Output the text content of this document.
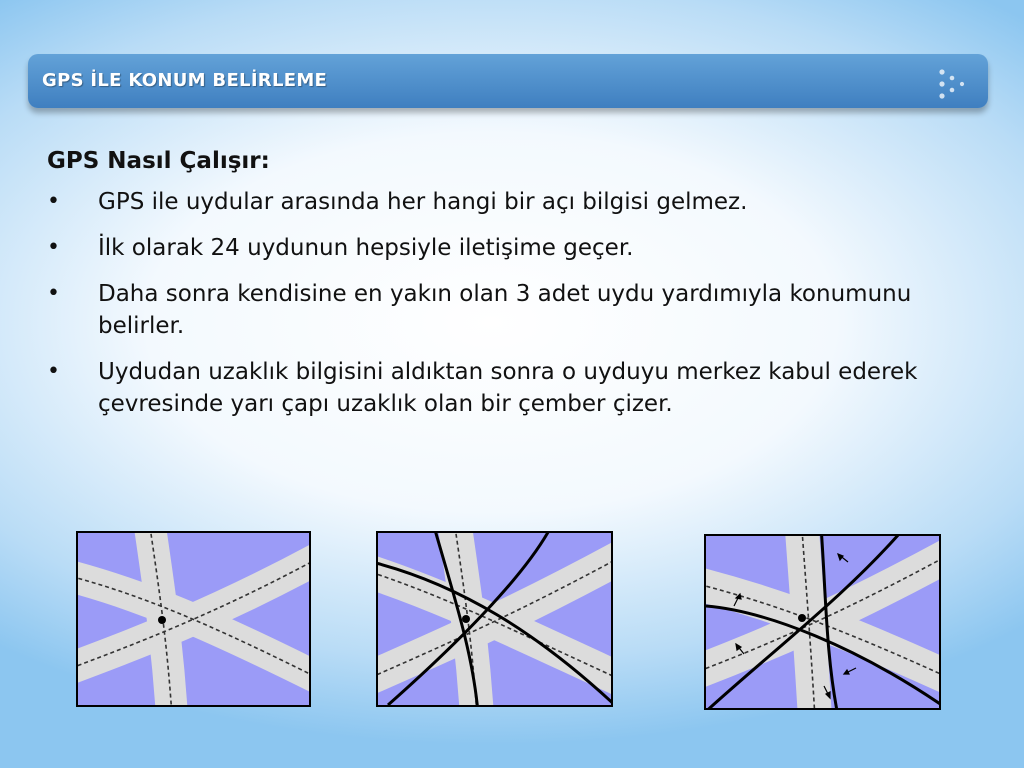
GPS İLE KONUM BELİRLEME
GPS Nasıl Çalışır:
• GPS ile uydular arasında her hangi bir açı bilgisi gelmez.
• İlk olarak 24 uydunun hepsiyle iletişime geçer.
• Daha sonra kendisine en yakın olan 3 adet uydu yardımıyla konumunu belirler.
• Uydudan uzaklık bilgisini aldıktan sonra o uyduyu merkez kabul ederek çevresinde yarı çapı uzaklık olan bir çember çizer.
